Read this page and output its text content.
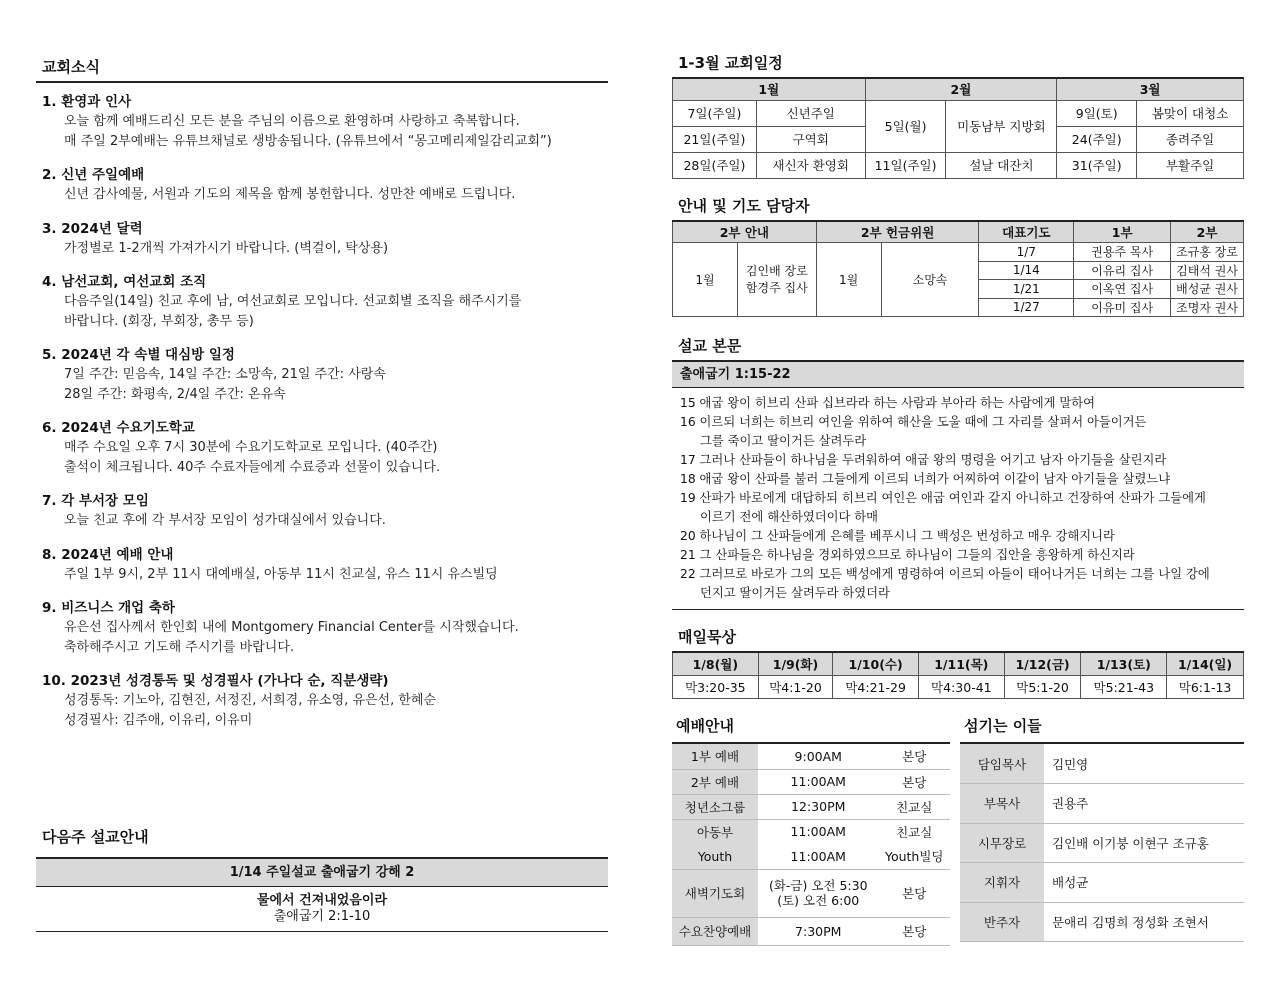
교회소식
1. 환영과 인사
오늘 함께 예배드리신 모든 분을 주님의 이름으로 환영하며 사랑하고 축복합니다.
매 주일 2부예배는 유튜브채널로 생방송됩니다. (유튜브에서 “몽고메리제일감리교회”)
2. 신년 주일예배
신년 감사예물, 서원과 기도의 제목을 함께 봉헌합니다. 성만찬 예배로 드립니다.
3. 2024년 달력
가정별로 1-2개씩 가져가시기 바랍니다. (벽걸이, 탁상용)
4. 남선교회, 여선교회 조직
다음주일(14일) 친교 후에 남, 여선교회로 모입니다. 선교회별 조직을 해주시기를
바랍니다. (회장, 부회장, 총무 등)
5. 2024년 각 속별 대심방 일정
7일 주간: 믿음속, 14일 주간: 소망속, 21일 주간: 사랑속
28일 주간: 화평속, 2/4일 주간: 온유속
6. 2024년 수요기도학교
매주 수요일 오후 7시 30분에 수요기도학교로 모입니다. (40주간)
출석이 체크됩니다. 40주 수료자들에게 수료증과 선물이 있습니다.
7. 각 부서장 모임
오늘 친교 후에 각 부서장 모임이 성가대실에서 있습니다.
8. 2024년 예배 안내
주일 1부 9시, 2부 11시 대예배실, 아동부 11시 친교실, 유스 11시 유스빌딩
9. 비즈니스 개업 축하
유은선 집사께서 한인회 내에 Montgomery Financial Center를 시작했습니다.
축하해주시고 기도해 주시기를 바랍니다.
10. 2023년 성경통독 및 성경필사 (가나다 순, 직분생략)
성경통독: 기노아, 김현진, 서정진, 서희경, 유소영, 유은선, 한혜순
성경필사: 김주애, 이유리, 이유미
다음주 설교안내
1/14 주일설교 출애굽기 강해 2
물에서 건져내었음이라
출애굽기 2:1-10
1-3월 교회일정
1월		2월		3월	
7일(주일)	신년주일	5일(월)	미동남부 지방회	9일(토)	봄맞이 대청소
21일(주일)	구역회			24(주일)	종려주일
28일(주일)	새신자 환영회	11일(주일)	설날 대잔치	31(주일)	부활주일
안내 및 기도 담당자
2부 안내		2부 헌금위원		대표기도	1부	2부
1월	김인배 장로
함경주 집사	1월	소망속	1/7	권용주 목사	조규홍 장로
				1/14	이유리 집사	김태석 권사
				1/21	이옥연 집사	배성균 권사
				1/27	이유미 집사	조명자 권사
설교 본문
출애굽기 1:15-22
15 애굽 왕이 히브리 산파 십브라라 하는 사람과 부아라 하는 사람에게 말하여
16 이르되 너희는 히브리 여인을 위하여 해산을 도울 때에 그 자리를 살펴서 아들이거든
그를 죽이고 딸이거든 살려두라
17 그러나 산파들이 하나님을 두려워하여 애굽 왕의 명령을 어기고 남자 아기들을 살린지라
18 애굽 왕이 산파를 불러 그들에게 이르되 너희가 어찌하여 이같이 남자 아기들을 살렸느냐
19 산파가 바로에게 대답하되 히브리 여인은 애굽 여인과 같지 아니하고 건장하여 산파가 그들에게
이르기 전에 해산하였더이다 하매
20 하나님이 그 산파들에게 은혜를 베푸시니 그 백성은 번성하고 매우 강해지니라
21 그 산파들은 하나님을 경외하였으므로 하나님이 그들의 집안을 흥왕하게 하신지라
22 그러므로 바로가 그의 모든 백성에게 명령하여 이르되 아들이 태어나거든 너희는 그를 나일 강에
던지고 딸이거든 살려두라 하였더라
매일묵상
1/8(월)	1/9(화)	1/10(수)	1/11(목)	1/12(금)	1/13(토)	1/14(일)
막3:20-35	막4:1-20	막4:21-29	막4:30-41	막5:1-20	막5:21-43	막6:1-13
예배안내
1부 예배	9:00AM	본당
2부 예배	11:00AM	본당
청년소그룹	12:30PM	친교실
아동부	11:00AM	친교실
Youth	11:00AM	Youth빌딩
새벽기도회	(화-금) 오전 5:30
(토) 오전 6:00	본당
수요찬양예배	7:30PM	본당
섬기는 이들
담임목사	김민영
부목사	권용주
시무장로	김인배 이기붕 이현구 조규홍
지휘자	배성균
반주자	문애리 김명희 정성화 조현서
